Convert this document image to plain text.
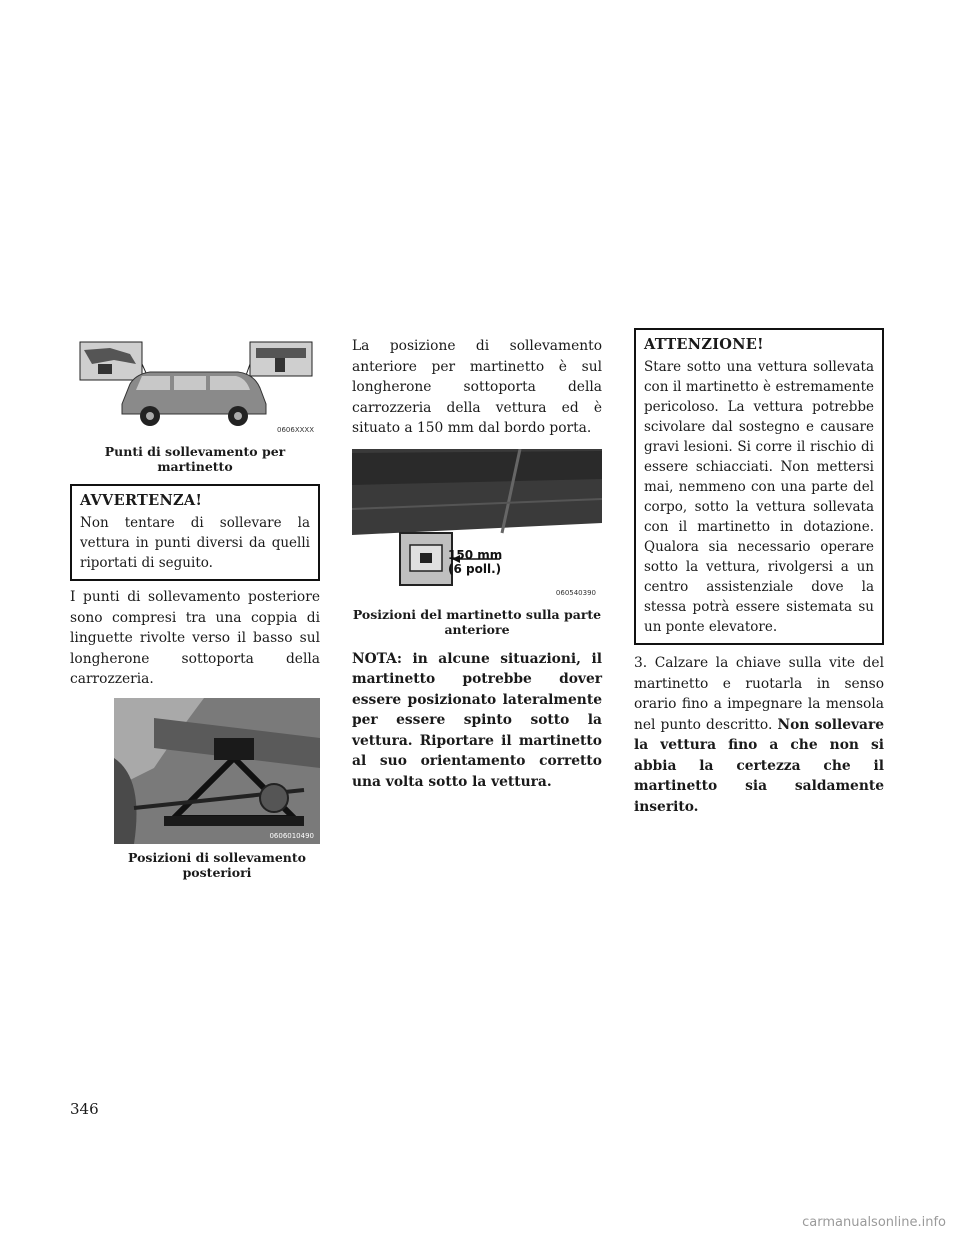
0606XXXX
Punti di sollevamento per martinetto

AVVERTENZA!

Non tentare di sollevare la vettura in punti diversi da quelli riportati di seguito.

I punti di sollevamento posteriore sono compresi tra una coppia di linguette rivolte verso il basso sul longherone sottoporta della carrozzeria.

0606010490
Posizioni di sollevamento posteriori

La posizione di sollevamento anteriore per martinetto è sul longherone sottoporta della carrozzeria della vettura ed è situato a 150 mm dal bordo porta.

150 mm
(6 poll.)
060540390
Posizioni del martinetto sulla parte
anteriore

NOTA: in alcune situazioni, il martinetto potrebbe dover essere posizionato lateralmente per essere spinto sotto la vettura. Riportare il martinetto al suo orientamento corretto una volta sotto la vettura.

ATTENZIONE!

Stare sotto una vettura sollevata con il martinetto è estremamente pericoloso. La vettura potrebbe scivolare dal sostegno e causare gravi lesioni. Si corre il rischio di essere schiacciati. Non mettersi mai, nemmeno con una parte del corpo, sotto la vettura sollevata con il martinetto in dotazione. Qualora sia necessario operare sotto la vettura, rivolgersi a un centro assistenziale dove la stessa potrà essere sistemata su un ponte elevatore.

3. Calzare la chiave sulla vite del martinetto e ruotarla in senso orario fino a impegnare la mensola nel punto descritto. Non sollevare la vettura fino a che non si abbia la certezza che il martinetto sia saldamente inserito.

346
carmanualsonline.info
